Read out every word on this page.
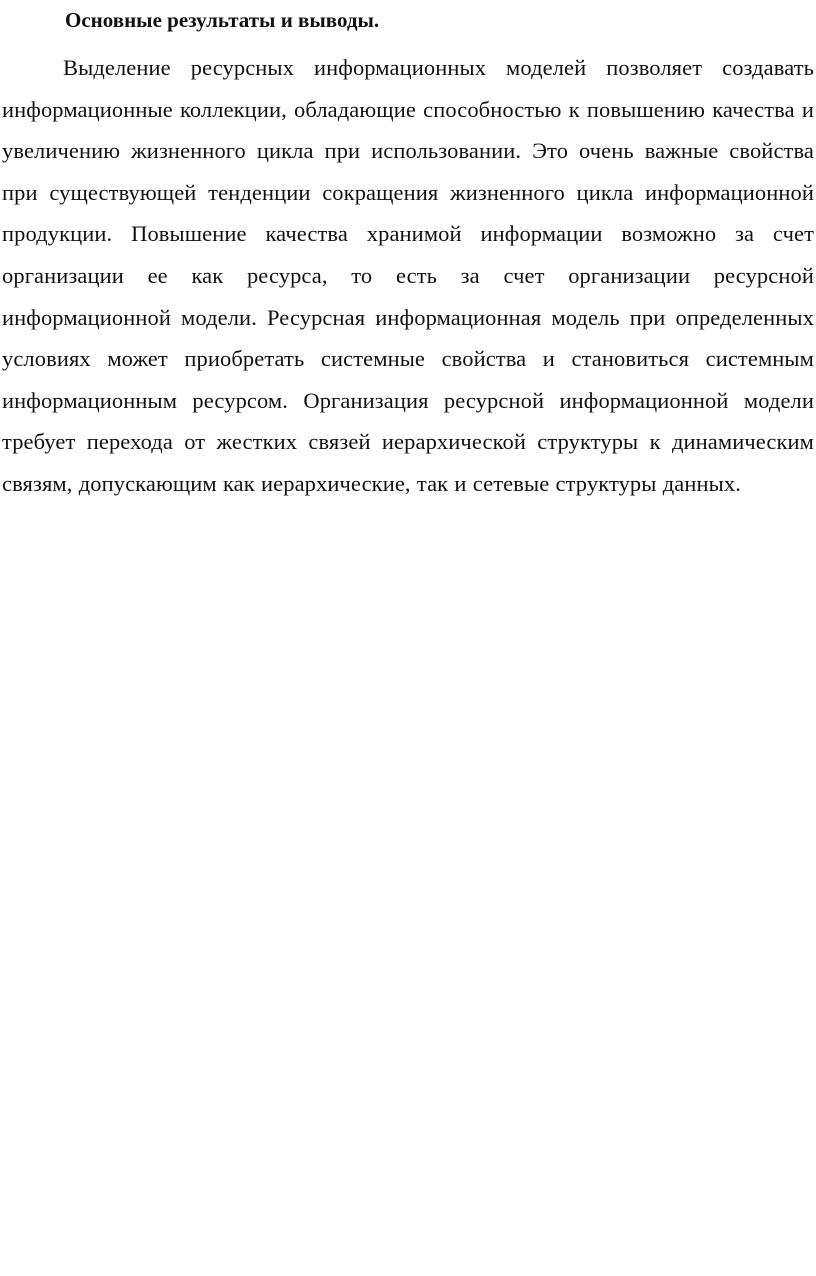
Основные результаты и выводы.

Выделение ресурсных информационных моделей позволяет создавать информационные коллекции, обладающие способностью к повышению качества и увеличению жизненного цикла при использовании. Это очень важные свойства при существующей тенденции сокращения жизненного цикла информационной продукции. Повышение качества хранимой информации возможно за счет организации ее как ресурса, то есть за счет организации ресурсной информационной модели. Ресурсная информационная модель при определенных условиях может приобретать системные свойства и становиться системным информационным ресурсом. Организация ресурсной информационной модели требует перехода от жестких связей иерархической структуры к динамическим связям, допускающим как иерархические, так и сетевые структуры данных.
